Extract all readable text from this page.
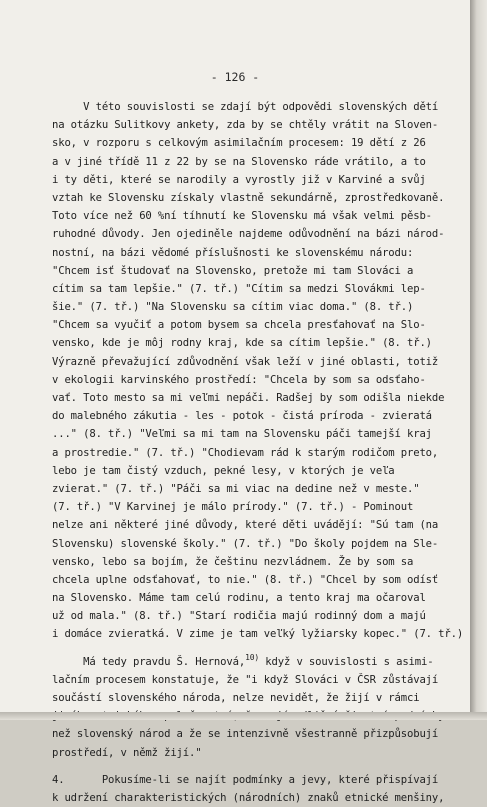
- 126 -
V této souvislosti se zdají být odpovědi slovenských dětí
na otázku Sulitkovy ankety, zda by se chtěly vrátit na Sloven-
sko, v rozporu s celkovým asimilačním procesem: 19 dětí z 26
a v jiné třídě 11 z 22 by se na Slovensko ráde vrátilo, a to
i ty děti, které se narodily a vyrostly již v Karviné a svůj
vztah ke Slovensku získaly vlastně sekundárně, zprostředkovaně.
Toto více než 60 %ní tíhnutí ke Slovensku má však velmi pěsb-
ruhodné důvody. Jen ojediněle najdeme odůvodnění na bázi národ-
nostní, na bázi vědomé příslušnosti ke slovenskému národu:
"Chcem isť študovať na Slovensko, pretože mi tam Slováci a
cítim sa tam lepšie." (7. tř.) "Cítim sa medzi Slovákmi lep-
šie." (7. tř.) "Na Slovensku sa cítim viac doma." (8. tř.)
"Chcem sa vyučiť a potom bysem sa chcela presťahovať na Slo-
vensko, kde je môj rodny kraj, kde sa cítim lepšie." (8. tř.)
Výrazně převažující zdůvodnění však leží v jiné oblasti, totiž
v ekologii karvinského prostředí: "Chcela by som sa odsťaho-
vať. Toto mesto sa mi veľmi nepáči. Radšej by som odišla niekde
do malebného zákutia - les - potok - čistá príroda - zvieratá
..." (8. tř.) "Veľmi sa mi tam na Slovensku páči tamejší kraj
a prostredie." (7. tř.) "Chodievam rád k starým rodičom preto,
lebo je tam čistý vzduch, pekné lesy, v ktorých je veľa
zvierat." (7. tř.) "Páči sa mi viac na dedine než v meste."
(7. tř.) "V Karvinej je málo prírody." (7. tř.) - Pominout
nelze ani některé jiné důvody, které děti uvádějí: "Sú tam (na
Slovensku) slovenské školy." (7. tř.) "Do školy pojdem na Sle-
vensko, lebo sa bojím, že češtinu nezvládnem. Že by som sa
chcela uplne odsťahovať, to nie." (8. tř.) "Chcel by som odísť
na Slovensko. Máme tam celú rodinu, a tento kraj ma očaroval
už od mala." (8. tř.) "Starí rodičia majú rodinný dom a majú
i domáce zvieratká. V zime je tam veľký lyžiarsky kopec." (7. tř.)
Má tedy pravdu Š. Hernová,$^{10)}$ když v souvislosti s asimi-
lačním procesem konstatuje, že "i když Slováci v ČSR zůstávají
součástí slovenského národa, nelze nevidět, že žijí v rámci
než slovenský národ a že se intenzivně všestranně přizpůsobují
prostředí, v němž žijí."
4.      Pokusíme-li se najít podmínky a jevy, které přispívají
k udržení charakteristických (národních) znaků etnické menšiny,
